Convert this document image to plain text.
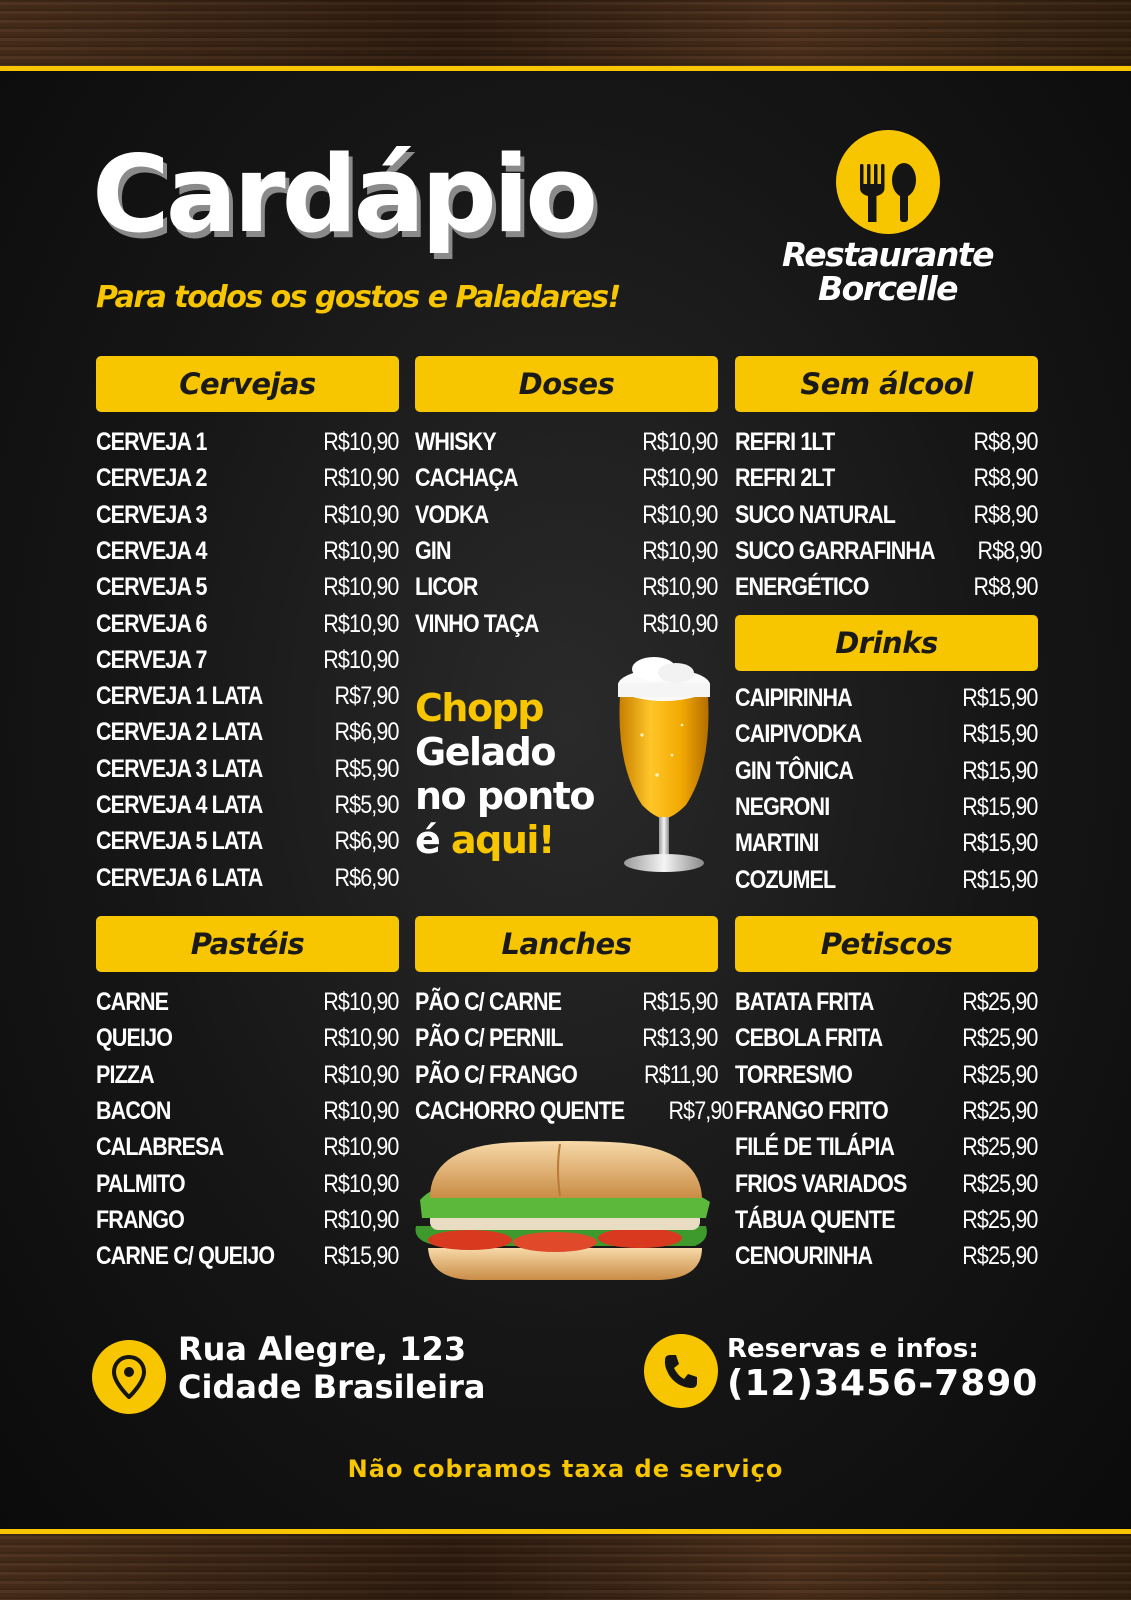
Cardápio
Para todos os gostos e Paladares!
Restaurante
Borcelle
Cervejas	Doses	Sem álcool
Drinks
Chopp
Gelado
no ponto
é aqui!
Pastéis	Lanches	Petiscos
Rua Alegre, 123
Cidade Brasileira
Reservas e infos:
(12)3456-7890
Não cobramos taxa de serviço
CERVEJA 1	R$10,90
CERVEJA 2	R$10,90
CERVEJA 3	R$10,90
CERVEJA 4	R$10,90
CERVEJA 5	R$10,90
CERVEJA 6	R$10,90
CERVEJA 7	R$10,90
CERVEJA 1 LATA	R$7,90
CERVEJA 2 LATA	R$6,90
CERVEJA 3 LATA	R$5,90
CERVEJA 4 LATA	R$5,90
CERVEJA 5 LATA	R$6,90
CERVEJA 6 LATA	R$6,90
WHISKY	R$10,90
CACHAÇA	R$10,90
VODKA	R$10,90
GIN	R$10,90
LICOR	R$10,90
VINHO TAÇA	R$10,90
REFRI 1LT	R$8,90
REFRI 2LT	R$8,90
SUCO NATURAL	R$8,90
SUCO GARRAFINHA R$8,90
ENERGÉTICO	R$8,90
CAIPIRINHA	R$15,90
CAIPIVODKA	R$15,90
GIN TÔNICA	R$15,90
NEGRONI	R$15,90
MARTINI	R$15,90
COZUMEL	R$15,90
CARNE	R$10,90
QUEIJO	R$10,90
PIZZA	R$10,90
BACON	R$10,90
CALABRESA	R$10,90
PALMITO	R$10,90
FRANGO	R$10,90
CARNE C/ QUEIJO R$15,90
PÃO C/ CARNE	R$15,90
PÃO C/ PERNIL	R$13,90
PÃO C/ FRANGO	R$11,90
CACHORRO QUENTE R$7,90
BATATA FRITA	R$25,90
CEBOLA FRITA	R$25,90
TORRESMO	R$25,90
FRANGO FRITO	R$25,90
FILÉ DE TILÁPIA	R$25,90
FRIOS VARIADOS R$25,90
TÁBUA QUENTE	R$25,90
CENOURINHA	R$25,90
